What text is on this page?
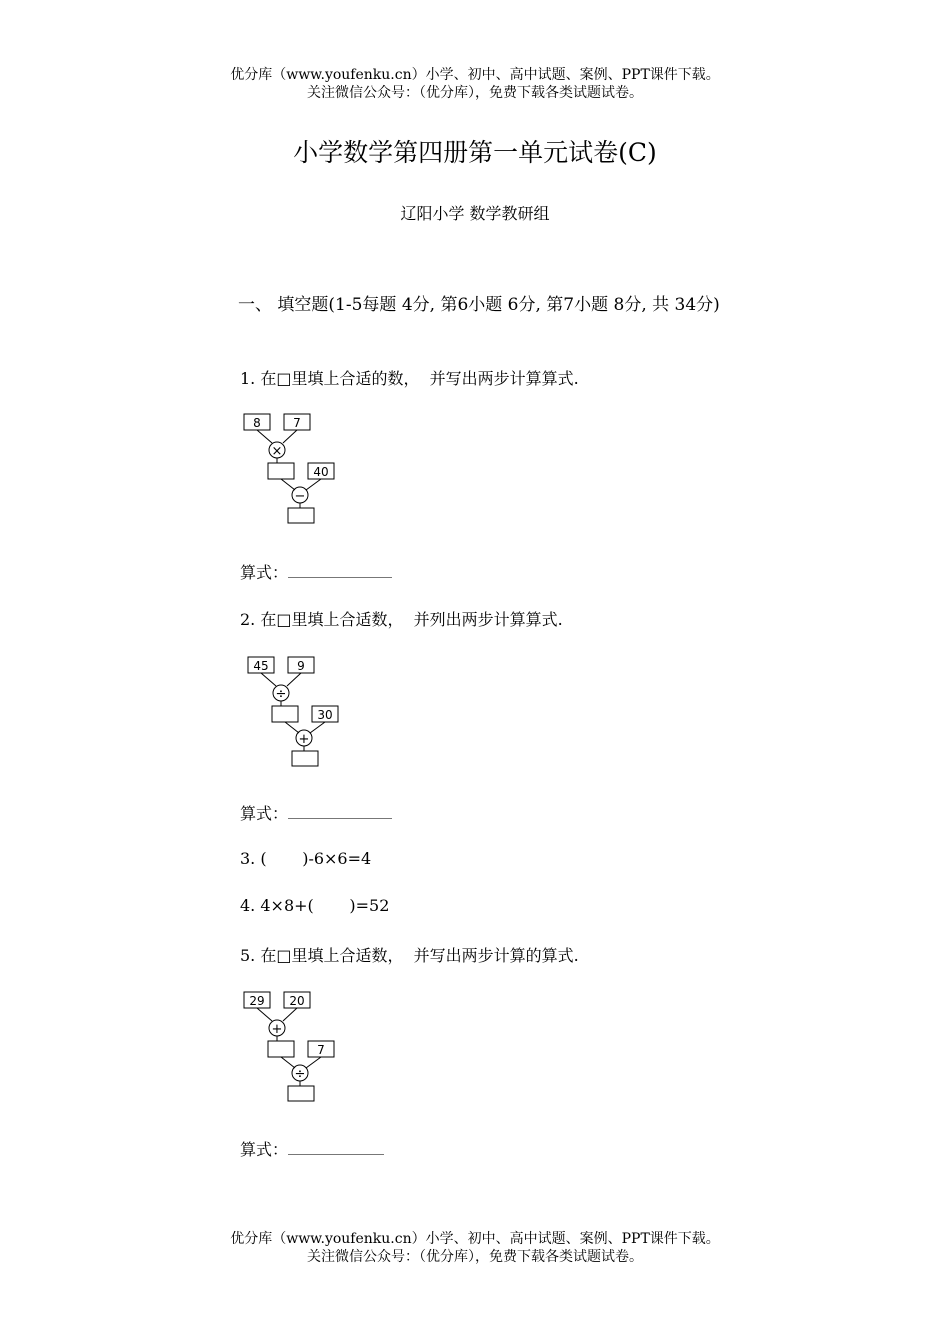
优分库（www.youfenku.cn）小学、初中、高中试题、案例、PPT课件下载。
关注微信公众号：（优分库），免费下载各类试题试卷。
小学数学第四册第一单元试卷(C)
辽阳小学 数学教研组
一、 填空题(1-5每题 4分, 第6小题 6分, 第7小题 8分, 共 34分)
1. 在□里填上合适的数，  并写出两步计算算式.
8	7
×
40
−
算式：
2. 在□里填上合适数，  并列出两步计算算式.
45 9
÷
30
+
算式：
3. (       )-6×6=4
4. 4×8+(       )=52
5. 在□里填上合适数，  并写出两步计算的算式.
29 20
+
7
÷
算式：
优分库（www.youfenku.cn）小学、初中、高中试题、案例、PPT课件下载。
关注微信公众号：（优分库），免费下载各类试题试卷。
